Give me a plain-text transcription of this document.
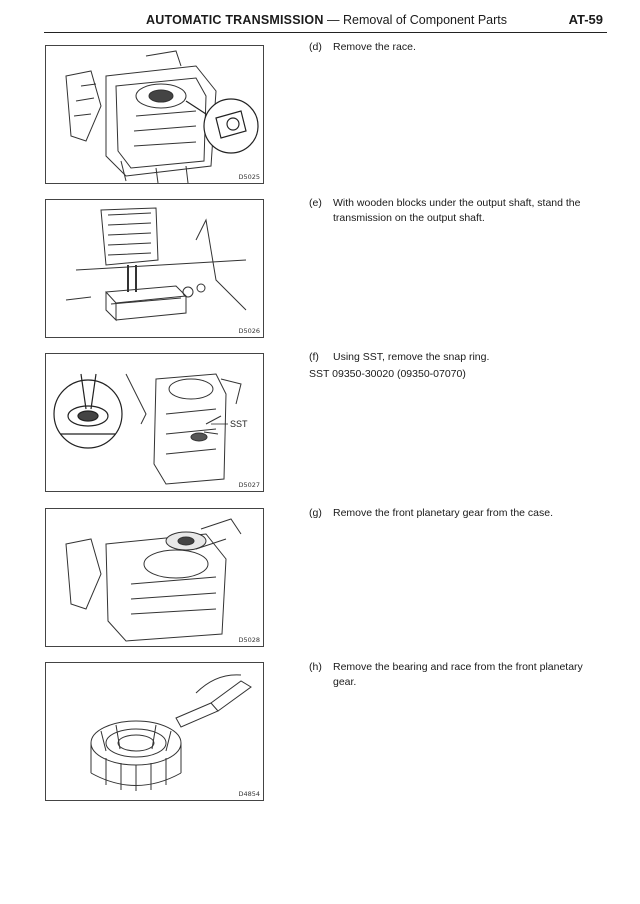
AUTOMATIC TRANSMISSION — Removal of Component Parts	AT-59
D5025
D5026
SST
D5027
D5028
D4854
(d) Remove the race.
(e) With wooden blocks under the output shaft, stand the transmission on the output shaft.
(f) Using SST, remove the snap ring.
SST 09350-30020 (09350-07070)
(g) Remove the front planetary gear from the case.
(h) Remove the bearing and race from the front planetary gear.
